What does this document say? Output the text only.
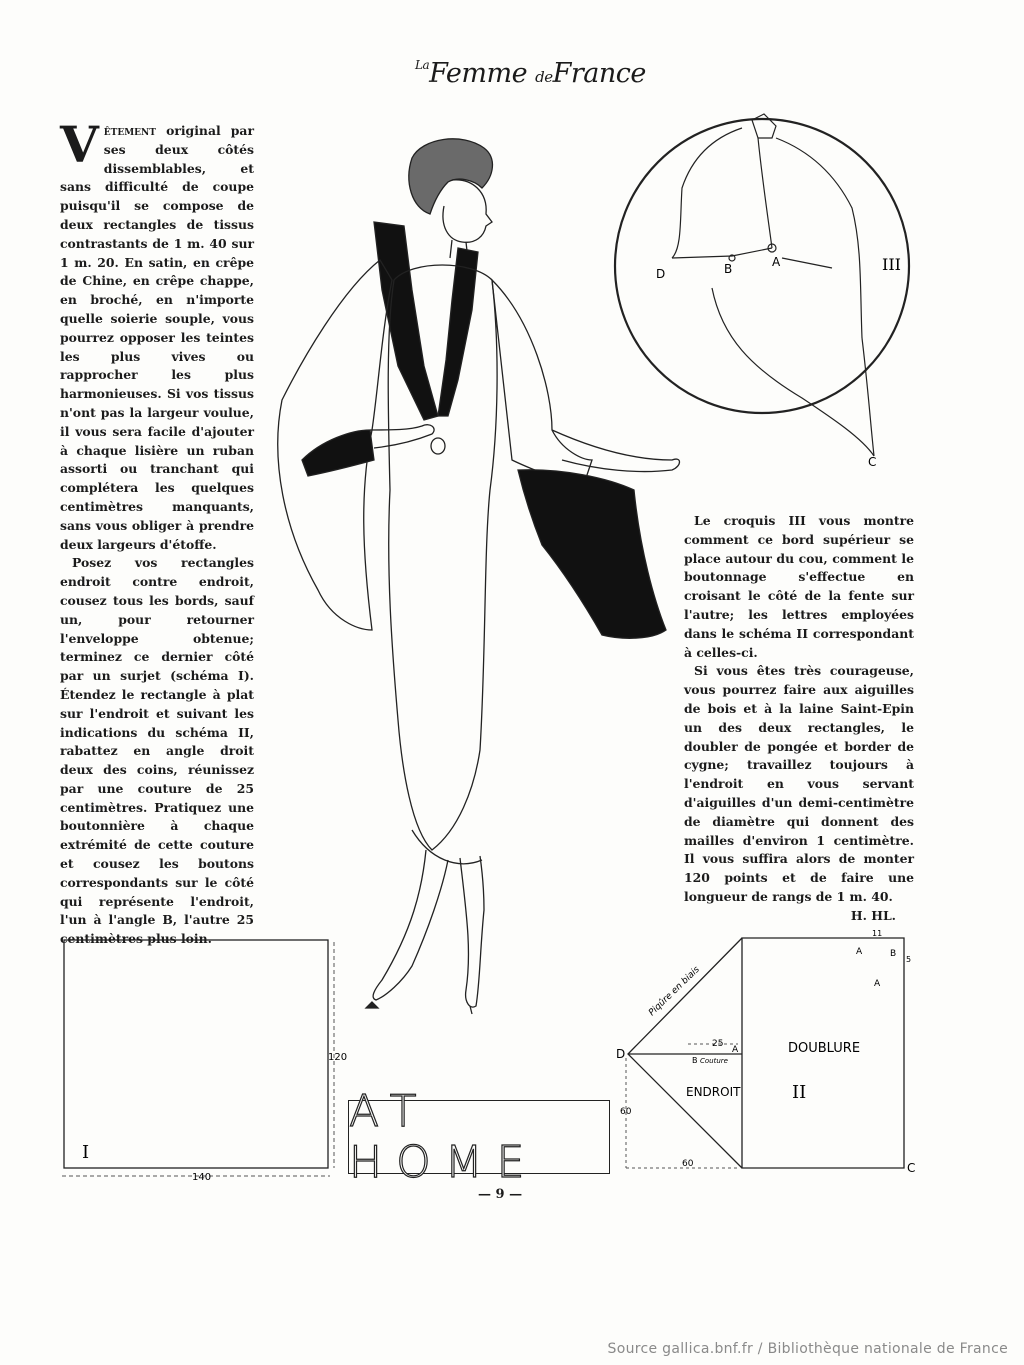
$^{La}$Femme deFrance

Vêtement original par ses deux côtés dissemblables, et sans difficulté de coupe puisqu'il se compose de deux rectangles de tissus contrastants de 1 m. 40 sur 1 m. 20. En satin, en crêpe de Chine, en crêpe chappe, en broché, en n'importe quelle soierie souple, vous pourrez opposer les teintes les plus vives ou rapprocher les plus harmonieuses. Si vos tissus n'ont pas la largeur voulue, il vous sera facile d'ajouter à chaque lisière un ruban assorti ou tranchant qui complétera les quelques centimètres manquants, sans vous obliger à prendre deux largeurs d'étoffe.

Posez vos rectangles endroit contre endroit, cousez tous les bords, sauf un, pour retourner l'enveloppe obtenue; terminez ce dernier côté par un surjet (schéma I). Étendez le rectangle à plat sur l'endroit et suivant les indications du schéma II, rabattez en angle droit deux des coins, réunissez par une couture de 25 centimètres. Pratiquez une boutonnière à chaque extrémité de cette couture et cousez les boutons correspondants sur le côté qui représente l'endroit, l'un à l'angle B, l'autre 25 centimètres plus loin.

Le croquis III vous montre comment ce bord supérieur se place autour du cou, comment le boutonnage s'effectue en croisant le côté de la fente sur l'autre; les lettres employées dans le schéma II correspondant à celles-ci.

Si vous êtes très courageuse, vous pourrez faire aux aiguilles de bois et à la laine Saint-Epin un des deux rectangles, le doubler de pongée et border de cygne; travaillez toujours à l'endroit en vous servant d'aiguilles d'un demi-centimètre de diamètre qui donnent des mailles d'environ 1 centimètre. Il vous suffira alors de monter 120 points et de faire une longueur de rangs de 1 m. 40.

H. HL.
D	B	A
C
III
140
120
I
AT HOME
D
A	B
A
A
B Couture
C
DOUBLURE
ENDROIT	II
Piqûre en biais
25
60
60
5
11
— 9 —
Source gallica.bnf.fr / Bibliothèque nationale de France
